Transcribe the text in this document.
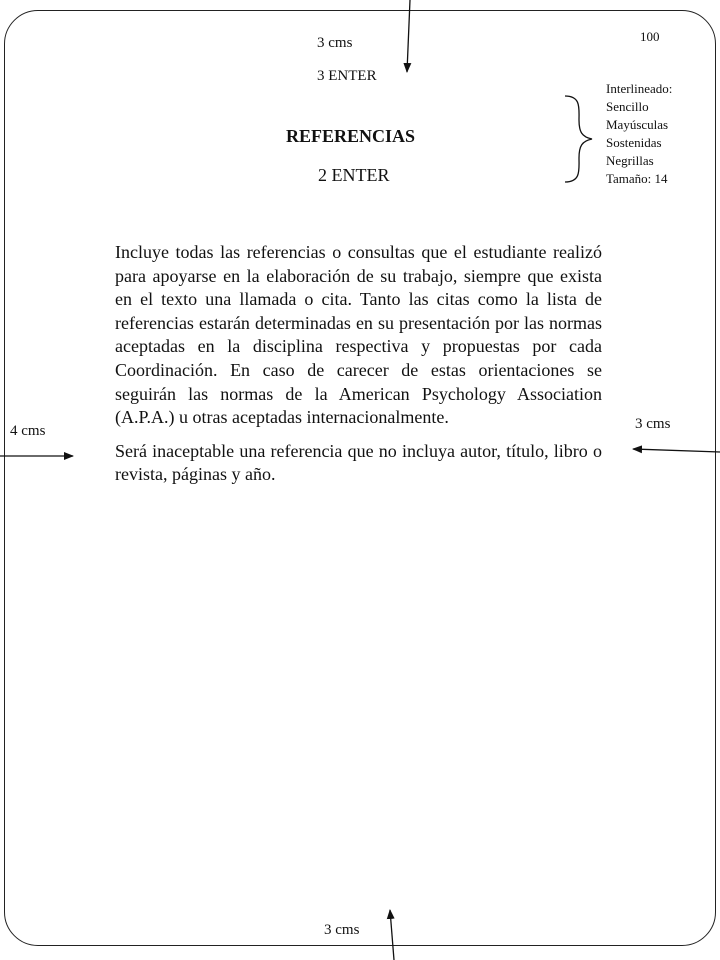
100
3 cms
3 ENTER
REFERENCIAS
2 ENTER
Interlineado:
Sencillo
Mayúsculas
Sostenidas
Negrillas
Tamaño: 14

Incluye todas las referencias o consultas que el estudiante realizó para apoyarse en la elaboración de su trabajo, siempre que exista en el texto una llamada o cita. Tanto las citas como la lista de referencias estarán determinadas en su presentación por las normas aceptadas en la disciplina respectiva y propuestas por cada Coordinación. En caso de carecer de estas orientaciones se seguirán las normas de la American Psychology Association (A.P.A.) u otras aceptadas internacionalmente.

Será inaceptable una referencia que no incluya autor, título, libro o revista, páginas y año.

4 cms	3 cms
3 cms
